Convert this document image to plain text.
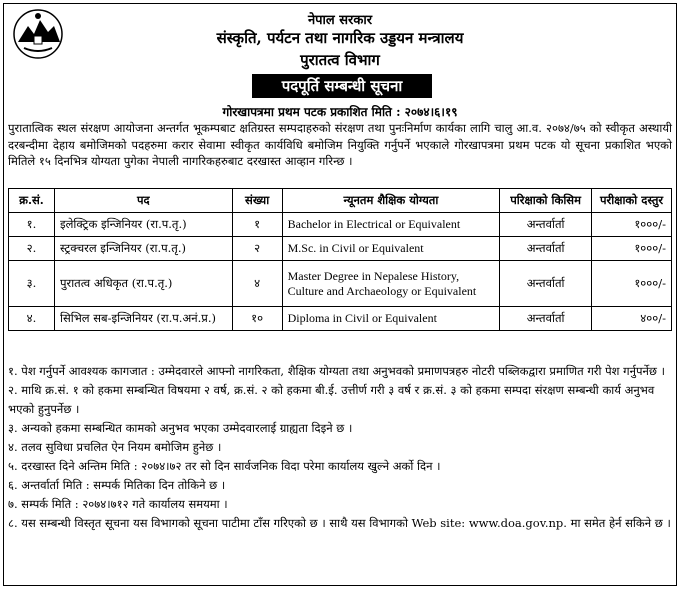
नेपाल सरकार
संस्कृति, पर्यटन तथा नागरिक उड्डयन मन्त्रालय
पुरातत्व विभाग
पदपूर्ति सम्बन्धी सूचना
गोरखापत्रमा प्रथम पटक प्रकाशित मिति : २०७४।६।१९
पुरातात्विक स्थल संरक्षण आयोजना अन्तर्गत भूकम्पबाट क्षतिग्रस्त सम्पदाहरुको संरक्षण तथा पुनःनिर्माण कार्यका लागि चालु आ.व. २०७४/७५ को स्वीकृत अस्थायी दरबन्दीमा देहाय बमोजिमको पदहरुमा करार सेवामा स्वीकृत कार्यविधि बमोजिम नियुक्ति गर्नुपर्ने भएकाले गोरखापत्रमा प्रथम पटक यो सूचना प्रकाशित भएको मितिले १५ दिनभित्र योग्यता पुगेका नेपाली नागरिकहरुबाट दरखास्त आव्हान गरिन्छ ।
क्र.सं.	पद	संख्या	न्यूनतम शैक्षिक योग्यता	परिक्षाको किसिम	परीक्षाको दस्तुर
१.	इलेक्ट्रिक इन्जिनियर (रा.प.तृ.)	१	Bachelor in Electrical or Equivalent	अन्तर्वार्ता	१०००/-
२.	स्ट्रक्चरल इन्जिनियर (रा.प.तृ.)	२	M.Sc. in Civil or Equivalent	अन्तर्वार्ता	१०००/-
३.	पुरातत्व अधिकृत (रा.प.तृ.)	४	Master Degree in Nepalese History, Culture and Archaeology or Equivalent	अन्तर्वार्ता	१०००/-
४.	सिभिल सब-इन्जिनियर (रा.प.अनं.प्र.)	१०	Diploma in Civil or Equivalent	अन्तर्वार्ता	४००/-
१. पेश गर्नुपर्ने आवश्यक कागजात : उम्मेदवारले आफ्नो नागरिकता, शैक्षिक योग्यता तथा अनुभवको प्रमाणपत्रहरु नोटरी पब्लिकद्वारा प्रमाणित गरी पेश गर्नुपर्नेछ ।
२. माथि क्र.सं. १ को हकमा सम्बन्धित विषयमा २ वर्ष, क्र.सं. २ को हकमा बी.ई. उत्तीर्ण गरी ३ वर्ष र क्र.सं. ३ को हकमा सम्पदा संरक्षण सम्बन्धी कार्य अनुभव भएको हुनुपर्नेछ ।
३. अन्यको हकमा सम्बन्धित कामको अनुभव भएका उम्मेदवारलाई ग्राह्यता दिइने छ ।
४. तलव सुविधा प्रचलित ऐन नियम बमोजिम हुनेछ ।
५. दरखास्त दिने अन्तिम मिति : २०७४।७२ तर सो दिन सार्वजनिक विदा परेमा कार्यालय खुल्ने अर्को दिन ।
६. अन्तर्वार्ता मिति : सम्पर्क मितिका दिन तोकिने छ ।
७. सम्पर्क मिति : २०७४।७१२ गते कार्यालय समयमा ।
८. यस सम्बन्धी विस्तृत सूचना यस विभागको सूचना पाटीमा टाँस गरिएको छ । साथै यस विभागको Web site: www.doa.gov.np. मा समेत हेर्न सकिने छ ।
